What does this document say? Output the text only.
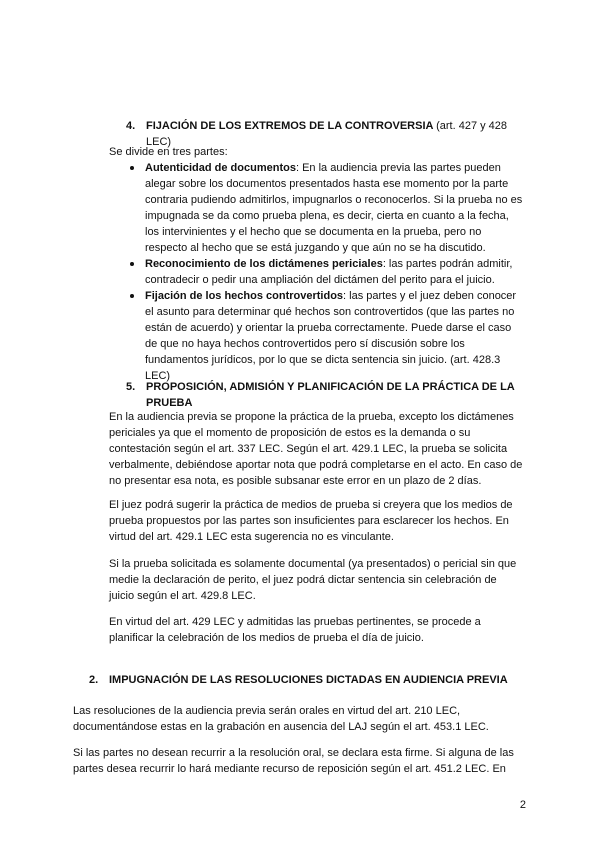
4. FIJACIÓN DE LOS EXTREMOS DE LA CONTROVERSIA (art. 427 y 428 LEC)
Se divide en tres partes:
Autenticidad de documentos: En la audiencia previa las partes pueden alegar sobre los documentos presentados hasta ese momento por la parte contraria pudiendo admitirlos, impugnarlos o reconocerlos. Si la prueba no es impugnada se da como prueba plena, es decir, cierta en cuanto a la fecha, los intervinientes y el hecho que se documenta en la prueba, pero no respecto al hecho que se está juzgando y que aún no se ha discutido.
Reconocimiento de los dictámenes periciales: las partes podrán admitir, contradecir o pedir una ampliación del dictámen del perito para el juicio.
Fijación de los hechos controvertidos: las partes y el juez deben conocer el asunto para determinar qué hechos son controvertidos (que las partes no están de acuerdo) y orientar la prueba correctamente. Puede darse el caso de que no haya hechos controvertidos pero sí discusión sobre los fundamentos jurídicos, por lo que se dicta sentencia sin juicio. (art. 428.3 LEC)
5. PROPOSICIÓN, ADMISIÓN Y PLANIFICACIÓN DE LA PRÁCTICA DE LA PRUEBA
En la audiencia previa se propone la práctica de la prueba, excepto los dictámenes periciales ya que el momento de proposición de estos es la demanda o su contestación según el art. 337 LEC. Según el art. 429.1 LEC, la prueba se solicita verbalmente, debiéndose aportar nota que podrá completarse en el acto. En caso de no presentar esa nota, es posible subsanar este error en un plazo de 2 días.
El juez podrá sugerir la práctica de medios de prueba si creyera que los medios de prueba propuestos por las partes son insuficientes para esclarecer los hechos. En virtud del art. 429.1 LEC esta sugerencia no es vinculante.
Si la prueba solicitada es solamente documental (ya presentados) o pericial sin que medie la declaración de perito, el juez podrá dictar sentencia sin celebración de juicio según el art. 429.8 LEC.
En virtud del art. 429 LEC y admitidas las pruebas pertinentes, se procede a planificar la celebración de los medios de prueba el día de juicio.
2. IMPUGNACIÓN DE LAS RESOLUCIONES DICTADAS EN AUDIENCIA PREVIA
Las resoluciones de la audiencia previa serán orales en virtud del art. 210 LEC, documentándose estas en la grabación en ausencia del LAJ según el art. 453.1 LEC.
Si las partes no desean recurrir a la resolución oral, se declara esta firme. Si alguna de las partes desea recurrir lo hará mediante recurso de reposición según el art. 451.2 LEC. En
2
